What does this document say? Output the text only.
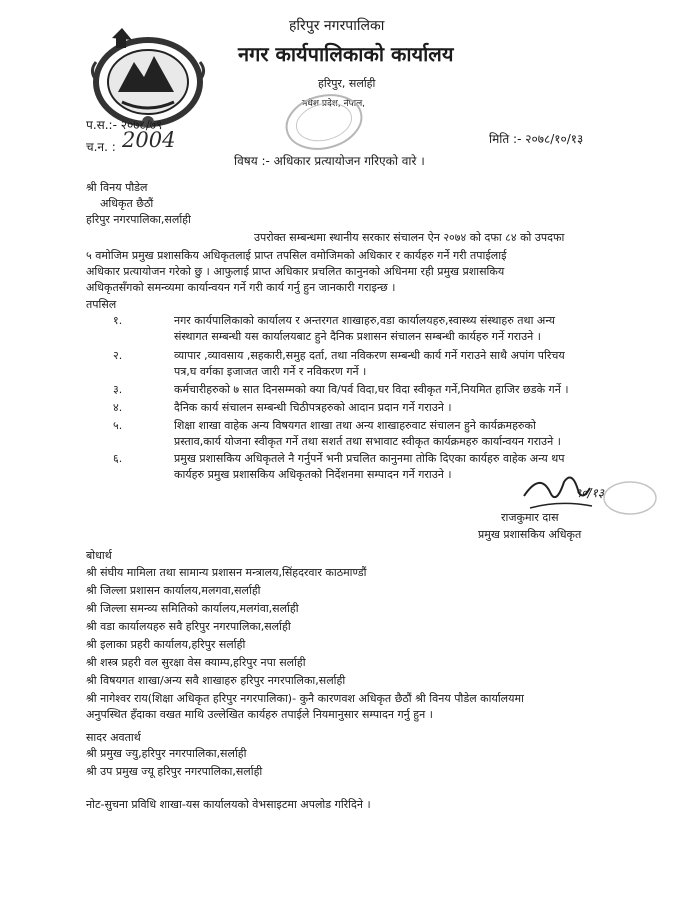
हरिपुर नगरपालिका
नगर कार्यपालिकाको कार्यालय
हरिपुर, सर्लाही
मधेश प्रदेश, नेपाल,
प.स.:- २०७८/७९
च.न. : 2004	मिति :- २०७८/१०/१३
विषय :- अधिकार प्रत्यायोजन गरिएको वारे ।
श्री विनय पौडेल
अधिकृत छैठौं
हरिपुर नगरपालिका,सर्लाही
उपरोक्त सम्बन्धमा स्थानीय सरकार संचालन ऐन २०७४ को दफा ८४ को उपदफा
५ वमोजिम प्रमुख प्रशासकिय अधिकृतलाई प्राप्त तपसिल वमोजिमको अधिकार र कार्यहरु गर्ने गरी तपाईलाई
अधिकार प्रत्यायोजन गरेको छु । आफुलाई प्राप्त अधिकार प्रचलित कानुनको अधिनमा रही प्रमुख प्रशासकिय
अधिकृतसँगको समन्व्यमा कार्यान्वयन गर्ने गरी कार्य गर्नु हुन जानकारी गराइन्छ ।
तपसिल
१.	नगर कार्यपालिकाको कार्यालय र अन्तरगत शाखाहरु,वडा कार्यालयहरु,स्वास्थ्य संस्थाहरु तथा अन्य
संस्थागत सम्बन्धी यस कार्यालयबाट हुने दैनिक प्रशासन संचालन सम्बन्धी कार्यहरु गर्ने गराउने ।
२.	व्यापार ,व्यावसाय ,सहकारी,समुह दर्ता, तथा नविकरण सम्बन्धी कार्य गर्ने गराउने साथै अपांग परिचय
पत्र,घ वर्गका इजाजत जारी गर्ने र नविकरण गर्ने ।
३.	कर्मचारीहरुको ७ सात दिनसम्मको क्या वि/पर्व विदा,घर विदा स्वीकृत गर्ने,नियमित हाजिर छडके गर्ने ।
४.	दैनिक कार्य संचालन सम्बन्धी चिठीपत्रहरुको आदान प्रदान गर्ने गराउने ।
५.	शिक्षा शाखा वाहेक अन्य विषयगत शाखा तथा अन्य शाखाहरुवाट संचालन हुने कार्यक्रमहरुको
प्रस्ताव,कार्य योजना स्वीकृत गर्ने तथा सशर्त तथा सभावाट स्वीकृत कार्यक्रमहरु कार्यान्वयन गराउने ।
६.	प्रमुख प्रशासकिय अधिकृतले नै गर्नुपर्ने भनी प्रचलित कानुनमा तोकि दिएका कार्यहरु वाहेक अन्य थप
कार्यहरु प्रमुख प्रशासकिय अधिकृतको निर्देशनमा सम्पादन गर्ने गराउने ।
९०/१३
राजकुमार दास
प्रमुख प्रशासकिय अधिकृत
बोधार्थ
श्री संघीय मामिला तथा सामान्य प्रशासन मन्त्रालय,सिंहदरवार काठमाण्डौं
श्री जिल्ला प्रशासन कार्यालय,मलगवा,सर्लाही
श्री जिल्ला समन्व्य समितिको कार्यालय,मलगंवा,सर्लाही
श्री वडा कार्यालयहरु सवै हरिपुर नगरपालिका,सर्लाही
श्री इलाका प्रहरी कार्यालय,हरिपुर सर्लाही
श्री शस्त्र प्रहरी वल सुरक्षा वेस क्याम्प,हरिपुर नपा सर्लाही
श्री विषयगत शाखा/अन्य सवै शाखाहरु हरिपुर नगरपालिका,सर्लाही
श्री नागेश्वर राय(शिक्षा अधिकृत हरिपुर नगरपालिका)- कुनै कारणवश अधिकृत छैठौं श्री विनय पौडेल कार्यालयमा
अनुपस्थित हँदाका वखत माथि उल्लेखित कार्यहरु तपाईले नियमानुसार सम्पादन गर्नु हुन ।
सादर अवतार्थ
श्री प्रमुख ज्यु,हरिपुर नगरपालिका,सर्लाही
श्री उप प्रमुख ज्यू हरिपुर नगरपालिका,सर्लाही
नोट-सुचना प्रविधि शाखा-यस कार्यालयको वेभसाइटमा अपलोड गरिदिने ।
